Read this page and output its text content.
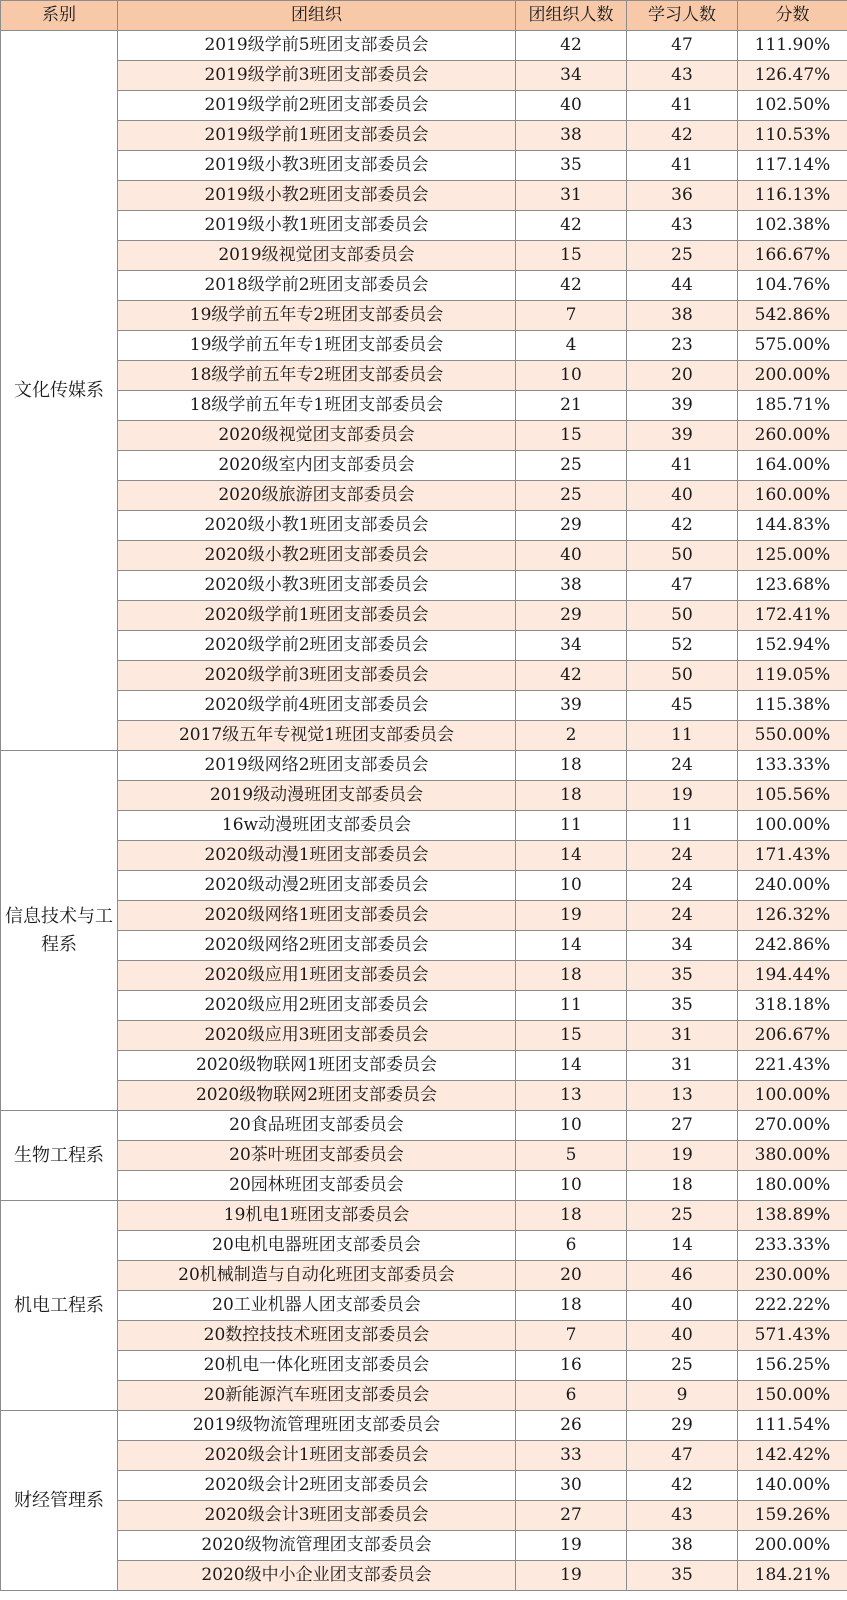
系别	团组织	团组织人数	学习人数	分数
文化传媒系	2019级学前5班团支部委员会	42	47	111.90%
	2019级学前3班团支部委员会	34	43	126.47%
	2019级学前2班团支部委员会	40	41	102.50%
	2019级学前1班团支部委员会	38	42	110.53%
	2019级小教3班团支部委员会	35	41	117.14%
	2019级小教2班团支部委员会	31	36	116.13%
	2019级小教1班团支部委员会	42	43	102.38%
	2019级视觉团支部委员会	15	25	166.67%
	2018级学前2班团支部委员会	42	44	104.76%
	19级学前五年专2班团支部委员会	7	38	542.86%
	19级学前五年专1班团支部委员会	4	23	575.00%
	18级学前五年专2班团支部委员会	10	20	200.00%
	18级学前五年专1班团支部委员会	21	39	185.71%
	2020级视觉团支部委员会	15	39	260.00%
	2020级室内团支部委员会	25	41	164.00%
	2020级旅游团支部委员会	25	40	160.00%
	2020级小教1班团支部委员会	29	42	144.83%
	2020级小教2班团支部委员会	40	50	125.00%
	2020级小教3班团支部委员会	38	47	123.68%
	2020级学前1班团支部委员会	29	50	172.41%
	2020级学前2班团支部委员会	34	52	152.94%
	2020级学前3班团支部委员会	42	50	119.05%
	2020级学前4班团支部委员会	39	45	115.38%
	2017级五年专视觉1班团支部委员会	2	11	550.00%
信息技术与工程系	2019级网络2班团支部委员会	18	24	133.33%
	2019级动漫班团支部委员会	18	19	105.56%
	16w动漫班团支部委员会	11	11	100.00%
	2020级动漫1班团支部委员会	14	24	171.43%
	2020级动漫2班团支部委员会	10	24	240.00%
	2020级网络1班团支部委员会	19	24	126.32%
	2020级网络2班团支部委员会	14	34	242.86%
	2020级应用1班团支部委员会	18	35	194.44%
	2020级应用2班团支部委员会	11	35	318.18%
	2020级应用3班团支部委员会	15	31	206.67%
	2020级物联网1班团支部委员会	14	31	221.43%
	2020级物联网2班团支部委员会	13	13	100.00%
生物工程系	20食品班团支部委员会	10	27	270.00%
	20茶叶班团支部委员会	5	19	380.00%
	20园林班团支部委员会	10	18	180.00%
机电工程系	19机电1班团支部委员会	18	25	138.89%
	20电机电器班团支部委员会	6	14	233.33%
	20机械制造与自动化班团支部委员会	20	46	230.00%
	20工业机器人团支部委员会	18	40	222.22%
	20数控技技术班团支部委员会	7	40	571.43%
	20机电一体化班团支部委员会	16	25	156.25%
	20新能源汽车班团支部委员会	6	9	150.00%
财经管理系	2019级物流管理班团支部委员会	26	29	111.54%
	2020级会计1班团支部委员会	33	47	142.42%
	2020级会计2班团支部委员会	30	42	140.00%
	2020级会计3班团支部委员会	27	43	159.26%
	2020级物流管理团支部委员会	19	38	200.00%
	2020级中小企业团支部委员会	19	35	184.21%
